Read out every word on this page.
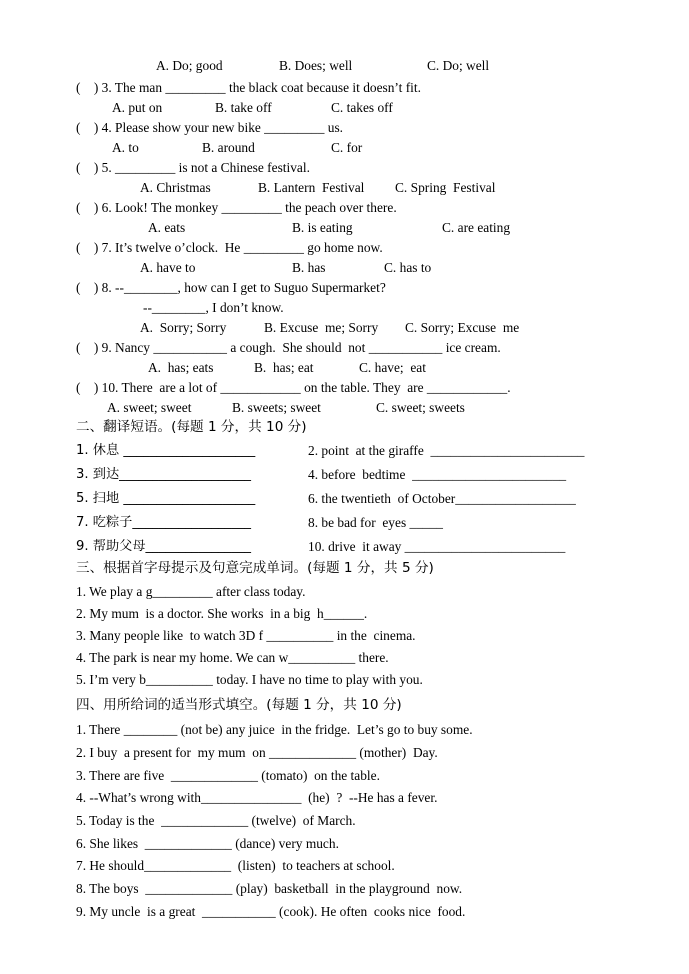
A. Do; good	B. Does; well	C. Do; well
(    ) 3. The man _________ the black coat because it doesn’t fit.
A. put on	B. take off	C. takes off
(    ) 4. Please show your new bike _________ us.
A. to	B. around	C. for
(    ) 5. _________ is not a Chinese festival.
A. Christmas	B. Lantern  Festival C. Spring  Festival
(    ) 6. Look! The monkey _________ the peach over there.
A. eats	B. is eating	C. are eating
(    ) 7. It’s twelve o’clock.  He _________ go home now.
A. have to	B. has	C. has to
(    ) 8. --________, how can I get to Suguo Supermarket?
--________, I don’t know.
A.  Sorry; Sorry	B. Excuse  me; Sorry C. Sorry; Excuse  me
(    ) 9. Nancy ___________ a cough.  She should  not ___________ ice cream.
A.  has; eats	B.  has; eat	C. have;  eat
(    ) 10. There  are a lot of ____________ on the table. They  are ____________.
A. sweet; sweet	B. sweets; sweet	C. sweet; sweets
二、翻译短语。(每题 1 分，共 10 分)
1. 休息 ____________________	2. point  at the giraffe  _______________________
3. 到达____________________	4. before  bedtime  _______________________
5. 扫地 ____________________	6. the twentieth  of October__________________
7. 吃粽子__________________	8. be bad for  eyes _____
9. 帮助父母________________	10. drive  it away ________________________
三、根据首字母提示及句意完成单词。(每题 1 分，共 5 分)
1. We play a g_________ after class today.
2. My mum  is a doctor. She works  in a big  h______.
3. Many people like  to watch 3D f __________ in the  cinema.
4. The park is near my home. We can w__________ there.
5. I’m very b__________ today. I have no time to play with you.
四、用所给词的适当形式填空。(每题 1 分，共 10 分)
1. There ________ (not be) any juice  in the fridge.  Let’s go to buy some.
2. I buy  a present for  my mum  on _____________ (mother)  Day.
3. There are five  _____________ (tomato)  on the table.
4. --What’s wrong with_______________  (he)  ?  --He has a fever.
5. Today is the  _____________ (twelve)  of March.
6. She likes  _____________ (dance) very much.
7. He should_____________  (listen)  to teachers at school.
8. The boys  _____________ (play)  basketball  in the playground  now.
9. My uncle  is a great  ___________ (cook). He often  cooks nice  food.
